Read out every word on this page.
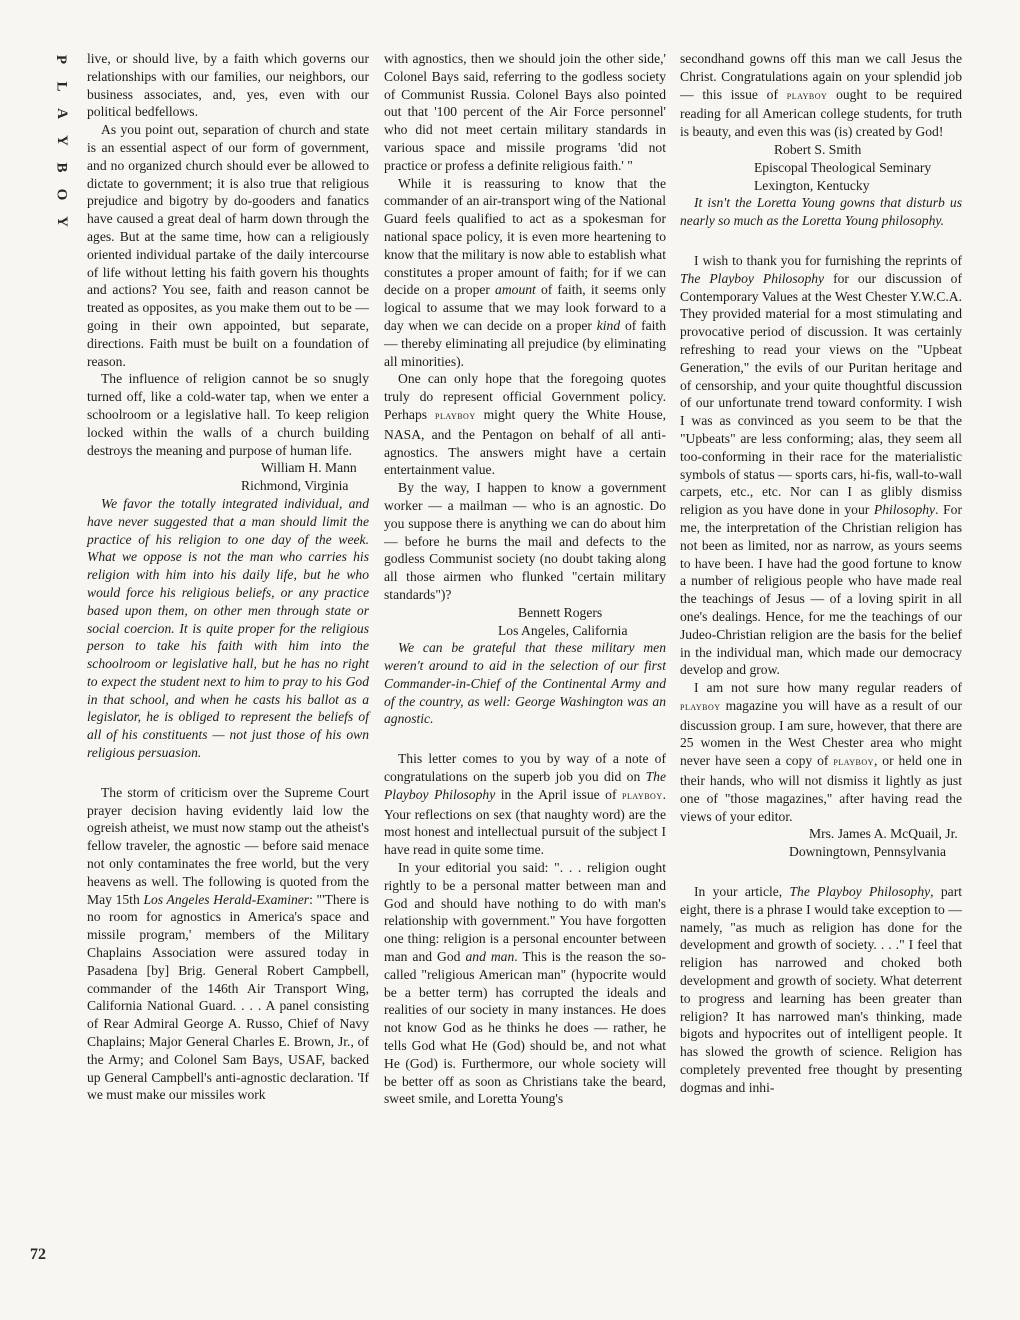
P
L
A
Y
B
O
Y

live, or should live, by a faith which governs our relationships with our families, our neighbors, our business associates, and, yes, even with our political bedfellows.

As you point out, separation of church and state is an essential aspect of our form of government, and no organized church should ever be allowed to dictate to government; it is also true that religious prejudice and bigotry by do-gooders and fanatics have caused a great deal of harm down through the ages. But at the same time, how can a religiously oriented individual partake of the daily intercourse of life without letting his faith govern his thoughts and actions? You see, faith and reason cannot be treated as opposites, as you make them out to be — going in their own appointed, but separate, directions. Faith must be built on a foundation of reason.

The influence of religion cannot be so snugly turned off, like a cold-water tap, when we enter a schoolroom or a legislative hall. To keep religion locked within the walls of a church building destroys the meaning and purpose of human life.

William H. Mann

Richmond, Virginia

We favor the totally integrated individual, and have never suggested that a man should limit the practice of his religion to one day of the week. What we oppose is not the man who carries his religion with him into his daily life, but he who would force his religious beliefs, or any practice based upon them, on other men through state or social coercion. It is quite proper for the religious person to take his faith with him into the schoolroom or legislative hall, but he has no right to expect the student next to him to pray to his God in that school, and when he casts his ballot as a legislator, he is obliged to represent the beliefs of all of his constituents — not just those of his own religious persuasion.

The storm of criticism over the Supreme Court prayer decision having evidently laid low the ogreish atheist, we must now stamp out the atheist's fellow traveler, the agnostic — before said menace not only contaminates the free world, but the very heavens as well. The following is quoted from the May 15th Los Angeles Herald-Examiner: "'There is no room for agnostics in America's space and missile program,' members of the Military Chaplains Association were assured today in Pasadena [by] Brig. General Robert Campbell, commander of the 146th Air Transport Wing, California National Guard. . . . A panel consisting of Rear Admiral George A. Russo, Chief of Navy Chaplains; Major General Charles E. Brown, Jr., of the Army; and Colonel Sam Bays, USAF, backed up General Campbell's anti-agnostic declaration. 'If we must make our missiles work

with agnostics, then we should join the other side,' Colonel Bays said, referring to the godless society of Communist Russia. Colonel Bays also pointed out that '100 percent of the Air Force personnel' who did not meet certain military standards in various space and missile programs 'did not practice or profess a definite religious faith.' "

While it is reassuring to know that the commander of an air-transport wing of the National Guard feels qualified to act as a spokesman for national space policy, it is even more heartening to know that the military is now able to establish what constitutes a proper amount of faith; for if we can decide on a proper amount of faith, it seems only logical to assume that we may look forward to a day when we can decide on a proper kind of faith — thereby eliminating all prejudice (by eliminating all minorities).

One can only hope that the foregoing quotes truly do represent official Government policy. Perhaps playboy might query the White House, NASA, and the Pentagon on behalf of all anti-agnostics. The answers might have a certain entertainment value.

By the way, I happen to know a government worker — a mailman — who is an agnostic. Do you suppose there is anything we can do about him — before he burns the mail and defects to the godless Communist society (no doubt taking along all those airmen who flunked "certain military standards")?

Bennett Rogers

Los Angeles, California

We can be grateful that these military men weren't around to aid in the selection of our first Commander-in-Chief of the Continental Army and of the country, as well: George Washington was an agnostic.

This letter comes to you by way of a note of congratulations on the superb job you did on The Playboy Philosophy in the April issue of playboy. Your reflections on sex (that naughty word) are the most honest and intellectual pursuit of the subject I have read in quite some time.

In your editorial you said: ". . . religion ought rightly to be a personal matter between man and God and should have nothing to do with man's relationship with government." You have forgotten one thing: religion is a personal encounter between man and God and man. This is the reason the so-called "religious American man" (hypocrite would be a better term) has corrupted the ideals and realities of our society in many instances. He does not know God as he thinks he does — rather, he tells God what He (God) should be, and not what He (God) is. Furthermore, our whole society will be better off as soon as Christians take the beard, sweet smile, and Loretta Young's

secondhand gowns off this man we call Jesus the Christ. Congratulations again on your splendid job — this issue of playboy ought to be required reading for all American college students, for truth is beauty, and even this was (is) created by God!

Robert S. Smith

Episcopal Theological Seminary

Lexington, Kentucky

It isn't the Loretta Young gowns that disturb us nearly so much as the Loretta Young philosophy.

I wish to thank you for furnishing the reprints of The Playboy Philosophy for our discussion of Contemporary Values at the West Chester Y.W.C.A. They provided material for a most stimulating and provocative period of discussion. It was certainly refreshing to read your views on the "Upbeat Generation," the evils of our Puritan heritage and of censorship, and your quite thoughtful discussion of our unfortunate trend toward conformity. I wish I was as convinced as you seem to be that the "Upbeats" are less conforming; alas, they seem all too-conforming in their race for the materialistic symbols of status — sports cars, hi-fis, wall-to-wall carpets, etc., etc. Nor can I as glibly dismiss religion as you have done in your Philosophy. For me, the interpretation of the Christian religion has not been as limited, nor as narrow, as yours seems to have been. I have had the good fortune to know a number of religious people who have made real the teachings of Jesus — of a loving spirit in all one's dealings. Hence, for me the teachings of our Judeo-Christian religion are the basis for the belief in the individual man, which made our democracy develop and grow.

I am not sure how many regular readers of playboy magazine you will have as a result of our discussion group. I am sure, however, that there are 25 women in the West Chester area who might never have seen a copy of playboy, or held one in their hands, who will not dismiss it lightly as just one of "those magazines," after having read the views of your editor.

Mrs. James A. McQuail, Jr.

Downingtown, Pennsylvania

In your article, The Playboy Philosophy, part eight, there is a phrase I would take exception to — namely, "as much as religion has done for the development and growth of society. . . ." I feel that religion has narrowed and choked both development and growth of society. What deterrent to progress and learning has been greater than religion? It has narrowed man's thinking, made bigots and hypocrites out of intelligent people. It has slowed the growth of science. Religion has completely prevented free thought by presenting dogmas and inhi-

72
